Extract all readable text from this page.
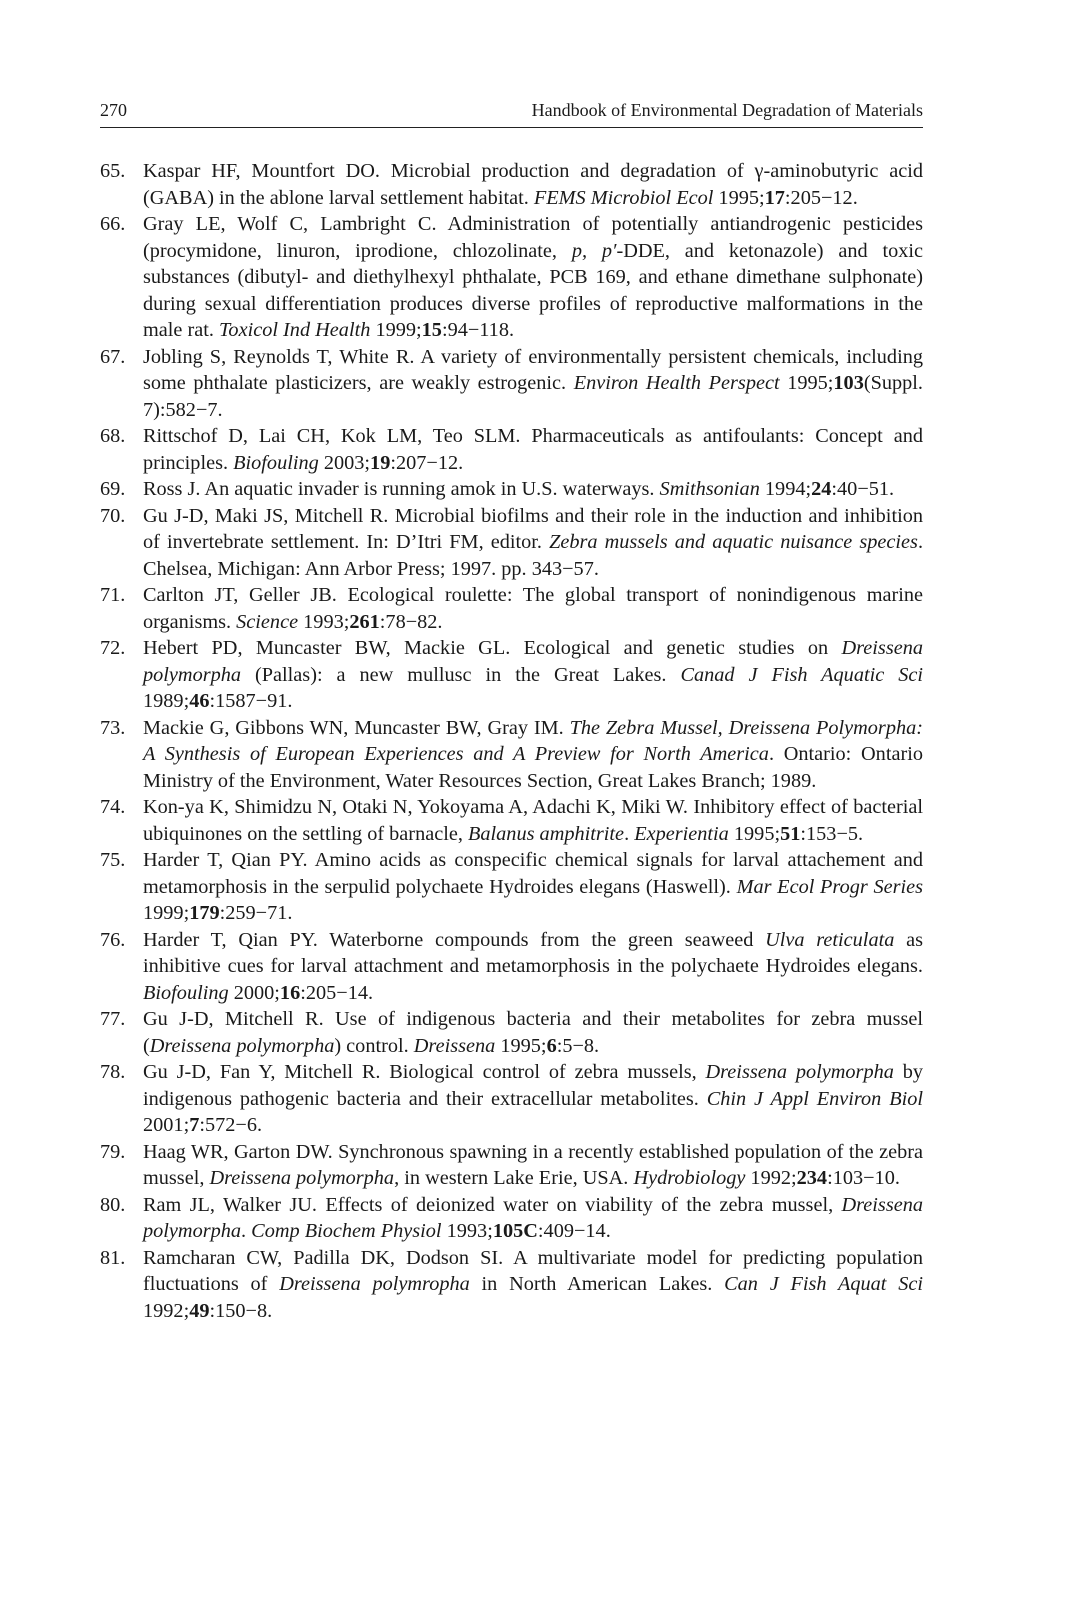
270	Handbook of Environmental Degradation of Materials
65. Kaspar HF, Mountfort DO. Microbial production and degradation of γ-aminobutyric acid (GABA) in the ablone larval settlement habitat. FEMS Microbiol Ecol 1995;17:205−12.
66. Gray LE, Wolf C, Lambright C. Administration of potentially antiandrogenic pesticides (procymidone, linuron, iprodione, chlozolinate, p, p′-DDE, and ketonazole) and toxic substances (dibutyl- and diethylhexyl phthalate, PCB 169, and ethane dimethane sulphonate) during sexual differentiation produces diverse profiles of reproductive malformations in the male rat. Toxicol Ind Health 1999;15:94−118.
67. Jobling S, Reynolds T, White R. A variety of environmentally persistent chemicals, including some phthalate plasticizers, are weakly estrogenic. Environ Health Perspect 1995;103(Suppl. 7):582−7.
68. Rittschof D, Lai CH, Kok LM, Teo SLM. Pharmaceuticals as antifoulants: Concept and principles. Biofouling 2003;19:207−12.
69. Ross J. An aquatic invader is running amok in U.S. waterways. Smithsonian 1994;24:40−51.
70. Gu J-D, Maki JS, Mitchell R. Microbial biofilms and their role in the induction and inhibition of invertebrate settlement. In: D’Itri FM, editor. Zebra mussels and aquatic nuisance species. Chelsea, Michigan: Ann Arbor Press; 1997. pp. 343−57.
71. Carlton JT, Geller JB. Ecological roulette: The global transport of nonindigenous marine organisms. Science 1993;261:78−82.
72. Hebert PD, Muncaster BW, Mackie GL. Ecological and genetic studies on Dreissena polymorpha (Pallas): a new mullusc in the Great Lakes. Canad J Fish Aquatic Sci 1989;46:1587−91.
73. Mackie G, Gibbons WN, Muncaster BW, Gray IM. The Zebra Mussel, Dreissena Polymorpha: A Synthesis of European Experiences and A Preview for North America. Ontario: Ontario Ministry of the Environment, Water Resources Section, Great Lakes Branch; 1989.
74. Kon-ya K, Shimidzu N, Otaki N, Yokoyama A, Adachi K, Miki W. Inhibitory effect of bacterial ubiquinones on the settling of barnacle, Balanus amphitrite. Experientia 1995;51:153−5.
75. Harder T, Qian PY. Amino acids as conspecific chemical signals for larval attachement and metamorphosis in the serpulid polychaete Hydroides elegans (Haswell). Mar Ecol Progr Series 1999;179:259−71.
76. Harder T, Qian PY. Waterborne compounds from the green seaweed Ulva reticulata as inhibitive cues for larval attachment and metamorphosis in the polychaete Hydroides elegans. Biofouling 2000;16:205−14.
77. Gu J-D, Mitchell R. Use of indigenous bacteria and their metabolites for zebra mussel (Dreissena polymorpha) control. Dreissena 1995;6:5−8.
78. Gu J-D, Fan Y, Mitchell R. Biological control of zebra mussels, Dreissena polymorpha by indigenous pathogenic bacteria and their extracellular metabolites. Chin J Appl Environ Biol 2001;7:572−6.
79. Haag WR, Garton DW. Synchronous spawning in a recently established population of the zebra mussel, Dreissena polymorpha, in western Lake Erie, USA. Hydrobiology 1992;234:103−10.
80. Ram JL, Walker JU. Effects of deionized water on viability of the zebra mussel, Dreissena polymorpha. Comp Biochem Physiol 1993;105C:409−14.
81. Ramcharan CW, Padilla DK, Dodson SI. A multivariate model for predicting population fluctuations of Dreissena polymropha in North American Lakes. Can J Fish Aquat Sci 1992;49:150−8.
